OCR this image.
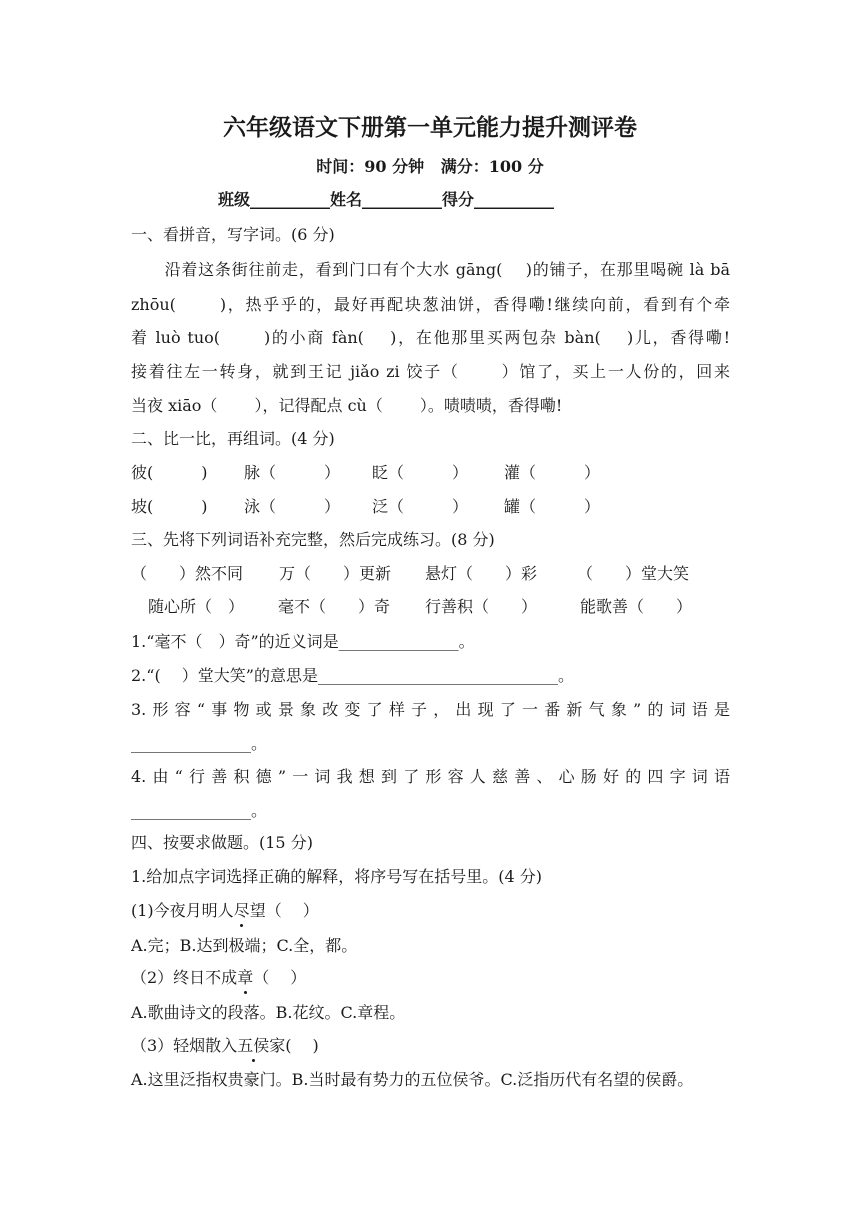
六年级语文下册第一单元能力提升测评卷
时间：90 分钟   满分：100 分
班级__________姓名__________得分__________
一、看拼音，写字词。(6 分)
　　沿着这条街往前走，看到门口有个大水 gāng(　 )的铺子，在那里喝碗 là bā
zhōu(　　 )，热乎乎的，最好再配块葱油饼，香得嘞!继续向前，看到有个牵
着 luò tuo(　　 )的小商 fàn(　 )，在他那里买两包杂 bàn(　 )儿，香得嘞!
接着往左一转身，就到王记 jiǎo zi 饺子（　　 ）馆了，买上一人份的，回来
当夜 xiāo（　　 ），记得配点 cù（　　 ）。啧啧啧，香得嘞!
二、比一比，再组词。(4 分)
彼(　　　) 脉（　　　） 眨（　　　） 灌（　　　）
坡(　　　) 泳（　　　） 泛（　　　） 罐（　　　）
三、先将下列词语补充完整，然后完成练习。(8 分)
（　　）然不同 万（　　）更新 悬灯（　　）彩 （　　）堂大笑
随心所（　） 毫不（　　）奇 行善积（　　）	能歌善（　　）
1.“毫不（　）奇”的近义词是_______________。
2.“(　 ）堂大笑”的意思是______________________________。
3.形容“事物或景象改变了样子，出现了一番新气象”的词语是
_______________。
4.由“行善积德”一词我想到了形容人慈善、心肠好的四字词语
_______________。
四、按要求做题。(15 分)
1.给加点字词选择正确的解释，将序号写在括号里。(4 分)
(1)今夜月明人尽望（　 ）
A.完；B.达到极端；C.全，都。
（2）终日不成章（　 ）
A.歌曲诗文的段落。B.花纹。C.章程。
（3）轻烟散入五侯家(　 )
A.这里泛指权贵豪门。B.当时最有势力的五位侯爷。C.泛指历代有名望的侯爵。
